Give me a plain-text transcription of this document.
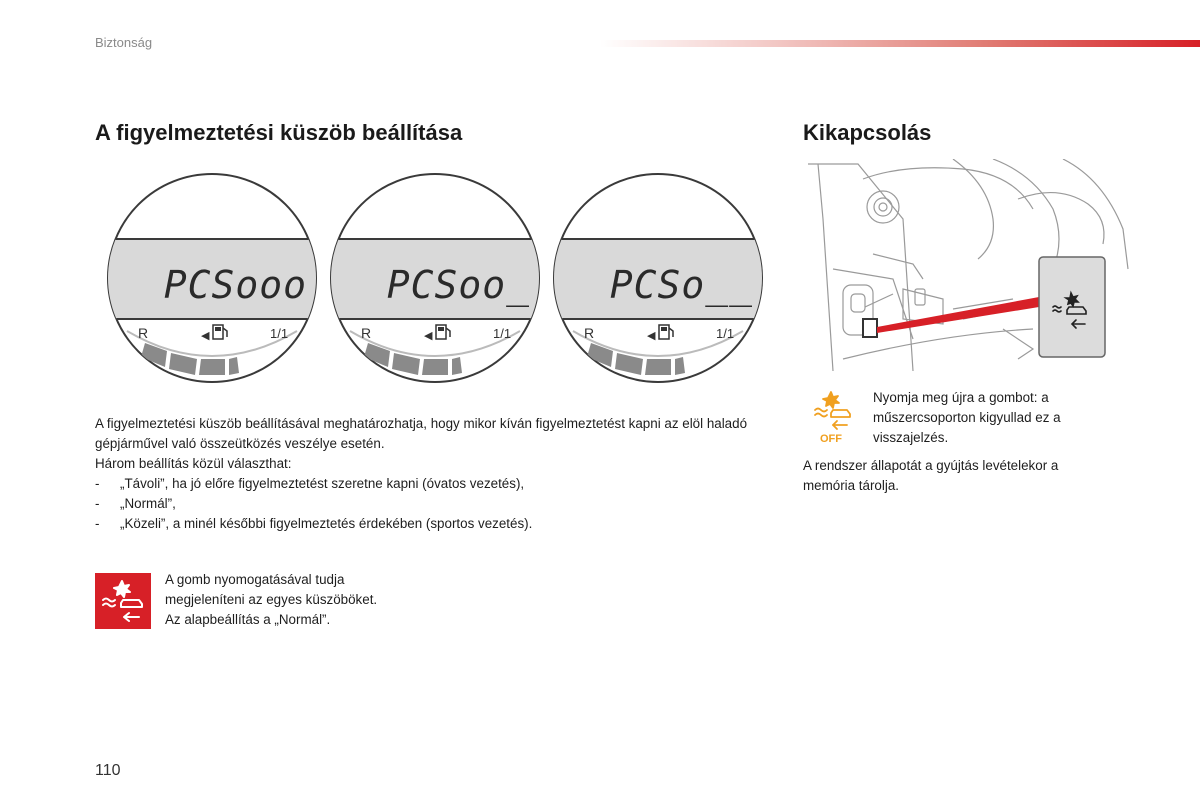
Biztonság
A figyelmeztetési küszöb beállítása	Kikapcsolás
PCSooo
R	◀	1/1
PCSoo_
R	◀	1/1
PCSo__
R	◀	1/1

A figyelmeztetési küszöb beállításával meghatározhatja, hogy mikor kíván figyelmeztetést kapni az elöl haladó gépjárművel való összeütközés veszélye esetén.

Három beállítás közül választhat:

- „Távoli”, ha jó előre figyelmeztetést szeretne kapni (óvatos vezetés),
- „Normál”,
- „Közeli”, a minél későbbi figyelmeztetés érdekében (sportos vezetés).
A gomb nyomogatásával tudja
megjeleníteni az egyes küszöböket.
Az alapbeállítás a „Normál”.
OFF
Nyomja meg újra a gombot: a
műszercsoporton kigyullad ez a
visszajelzés.
A rendszer állapotát a gyújtás levételekor a
memória tárolja.
110
